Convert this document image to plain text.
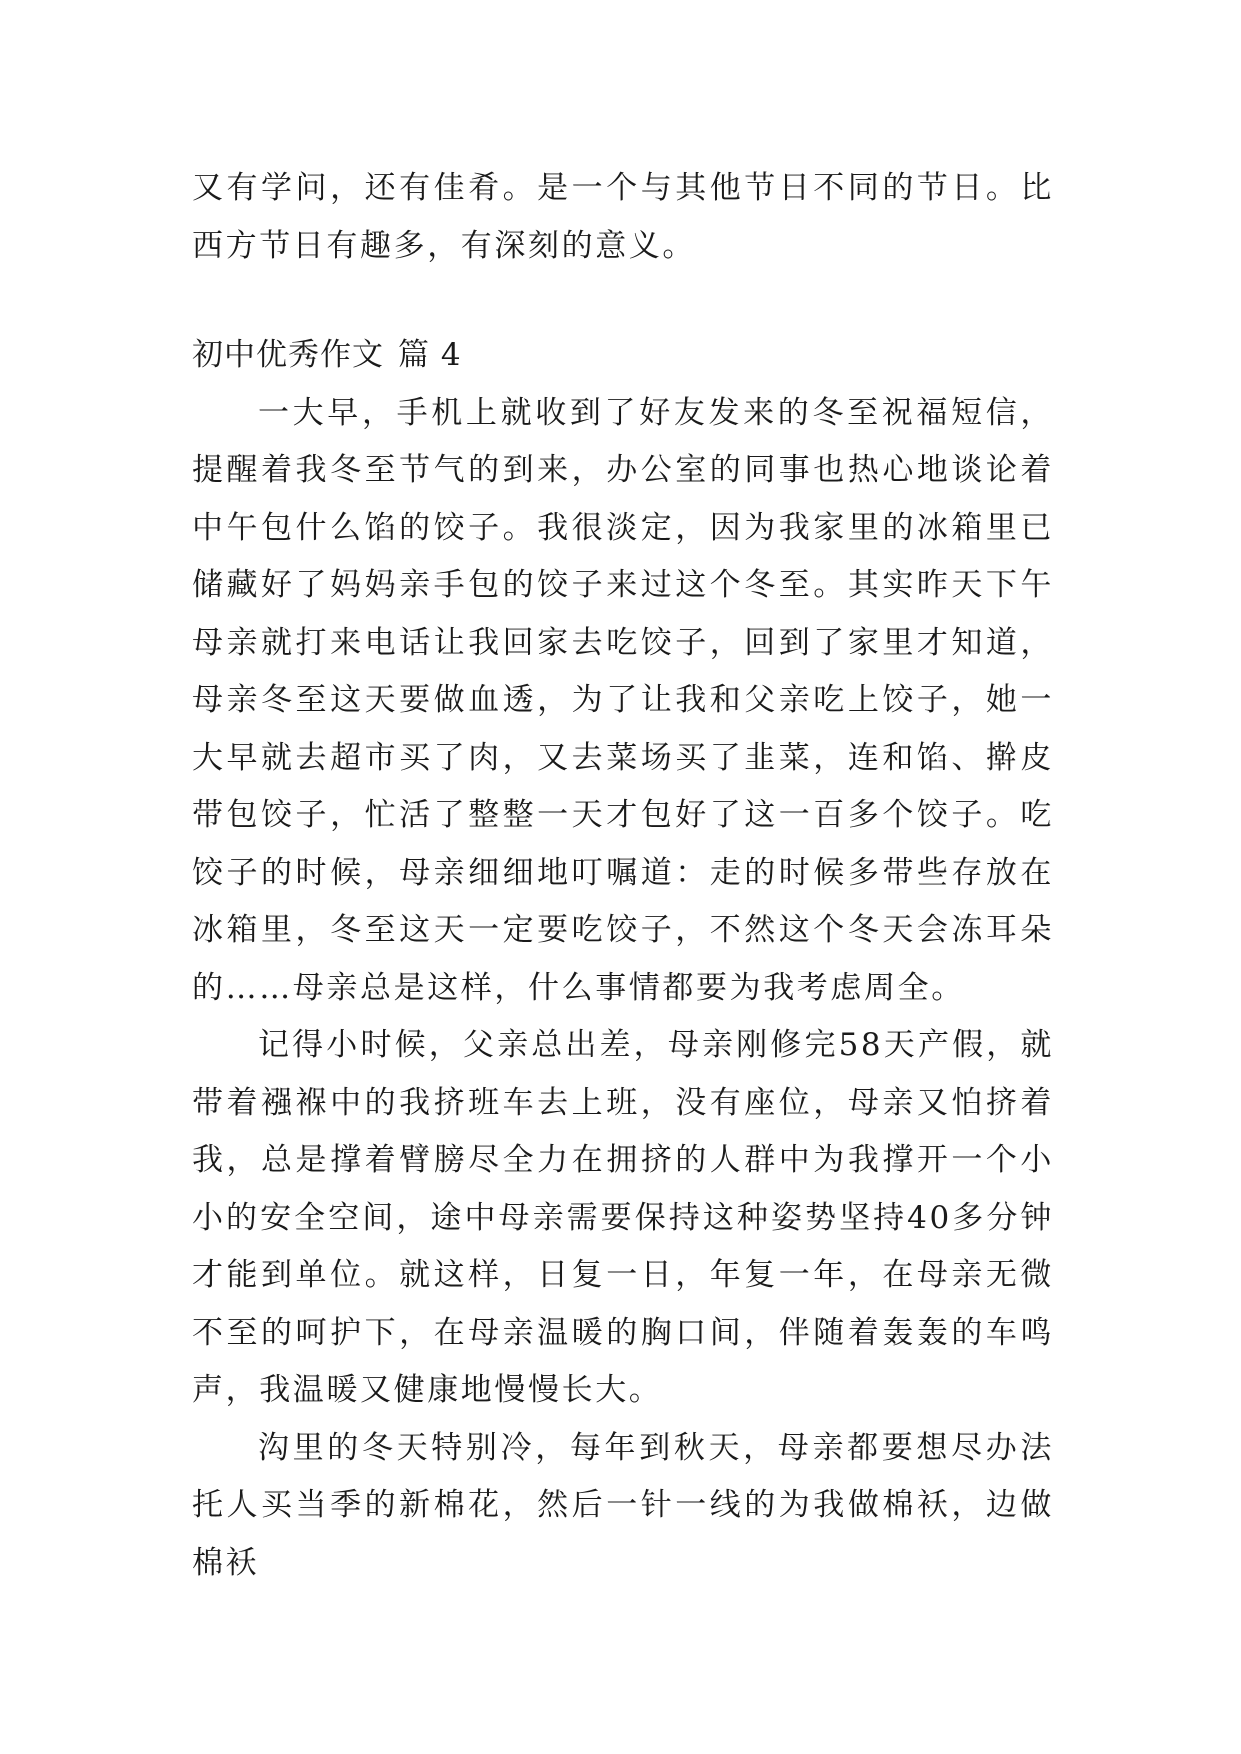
又有学问，还有佳肴。是一个与其他节日不同的节日。比西方节日有趣多，有深刻的意义。

初中优秀作文 篇 4

一大早，手机上就收到了好友发来的冬至祝福短信，提醒着我冬至节气的到来，办公室的同事也热心地谈论着中午包什么馅的饺子。我很淡定，因为我家里的冰箱里已储藏好了妈妈亲手包的饺子来过这个冬至。其实昨天下午母亲就打来电话让我回家去吃饺子，回到了家里才知道，母亲冬至这天要做血透，为了让我和父亲吃上饺子，她一大早就去超市买了肉，又去菜场买了韭菜，连和馅、擀皮带包饺子，忙活了整整一天才包好了这一百多个饺子。吃饺子的时候，母亲细细地叮嘱道：走的时候多带些存放在冰箱里，冬至这天一定要吃饺子，不然这个冬天会冻耳朵的……母亲总是这样，什么事情都要为我考虑周全。

记得小时候，父亲总出差，母亲刚修完58天产假，就带着襁褓中的我挤班车去上班，没有座位，母亲又怕挤着我，总是撑着臂膀尽全力在拥挤的人群中为我撑开一个小小的安全空间，途中母亲需要保持这种姿势坚持40多分钟才能到单位。就这样，日复一日，年复一年，在母亲无微不至的呵护下，在母亲温暖的胸口间，伴随着轰轰的车鸣声，我温暖又健康地慢慢长大。

沟里的冬天特别冷，每年到秋天，母亲都要想尽办法托人买当季的新棉花，然后一针一线的为我做棉袄，边做棉袄
